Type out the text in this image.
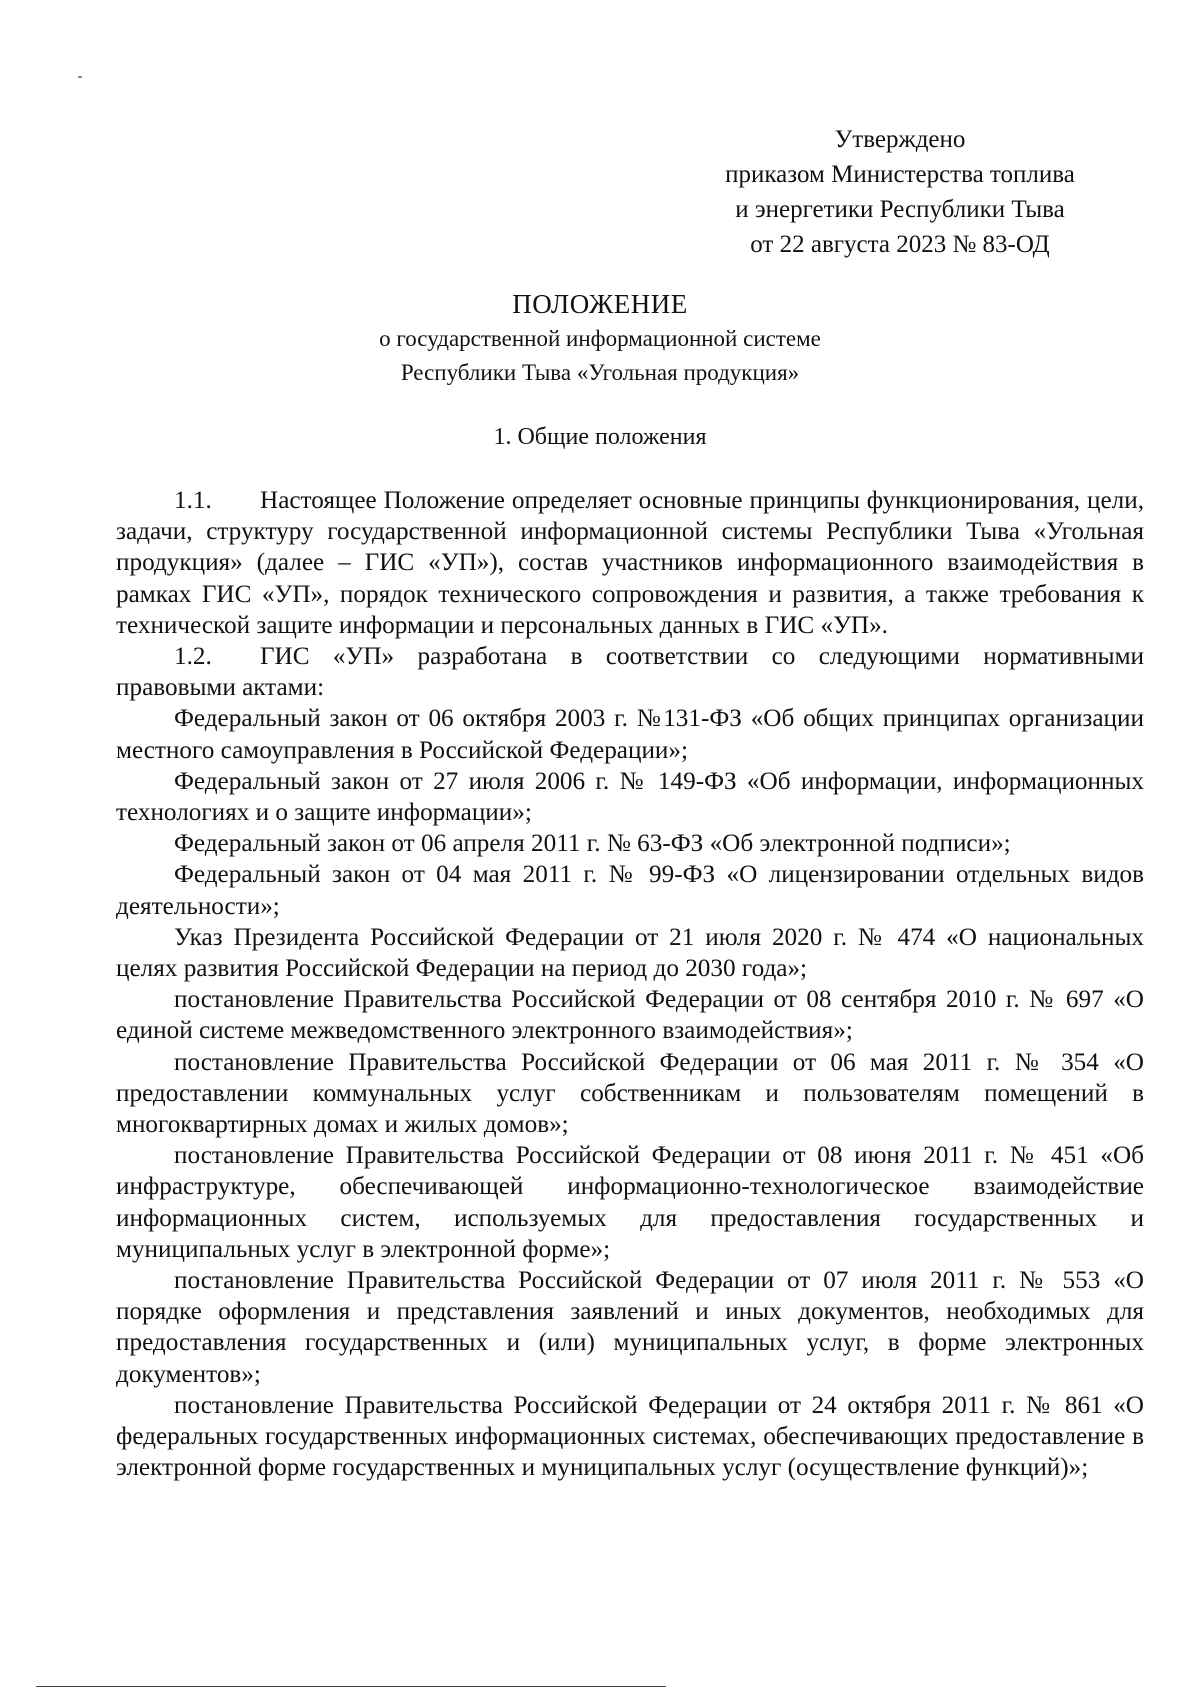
Утверждено
приказом Министерства топлива
и энергетики Республики Тыва
от 22 августа 2023 № 83-ОД
ПОЛОЖЕНИЕ
о государственной информационной системе
Республики Тыва «Угольная продукция»
1. Общие положения

1.1. Настоящее Положение определяет основные принципы функционирования, цели, задачи, структуру государственной информационной системы Республики Тыва «Угольная продукция» (далее – ГИС «УП»), состав участников информационного взаимодействия в рамках ГИС «УП», порядок технического сопровождения и развития, а также требования к технической защите информации и персональных данных в ГИС «УП».

1.2. ГИС «УП» разработана в соответствии со следующими нормативными правовыми актами:

Федеральный закон от 06 октября 2003 г. №131-ФЗ «Об общих принципах организации местного самоуправления в Российской Федерации»;

Федеральный закон от 27 июля 2006 г. № 149-ФЗ «Об информации, информационных технологиях и о защите информации»;

Федеральный закон от 06 апреля 2011 г. № 63-ФЗ «Об электронной подписи»;

Федеральный закон от 04 мая 2011 г. № 99-ФЗ «О лицензировании отдельных видов деятельности»;

Указ Президента Российской Федерации от 21 июля 2020 г. № 474 «О национальных целях развития Российской Федерации на период до 2030 года»;

постановление Правительства Российской Федерации от 08 сентября 2010 г. № 697 «О единой системе межведомственного электронного взаимодействия»;

постановление Правительства Российской Федерации от 06 мая 2011 г. № 354 «О предоставлении коммунальных услуг собственникам и пользователям помещений в многоквартирных домах и жилых домов»;

постановление Правительства Российской Федерации от 08 июня 2011 г. № 451 «Об инфраструктуре, обеспечивающей информационно-технологическое взаимодействие информационных систем, используемых для предоставления государственных и муниципальных услуг в электронной форме»;

постановление Правительства Российской Федерации от 07 июля 2011 г. № 553 «О порядке оформления и представления заявлений и иных документов, необходимых для предоставления государственных и (или) муниципальных услуг, в форме электронных документов»;

постановление Правительства Российской Федерации от 24 октября 2011 г. № 861 «О федеральных государственных информационных системах, обеспечивающих предоставление в электронной форме государственных и муниципальных услуг (осуществление функций)»;
